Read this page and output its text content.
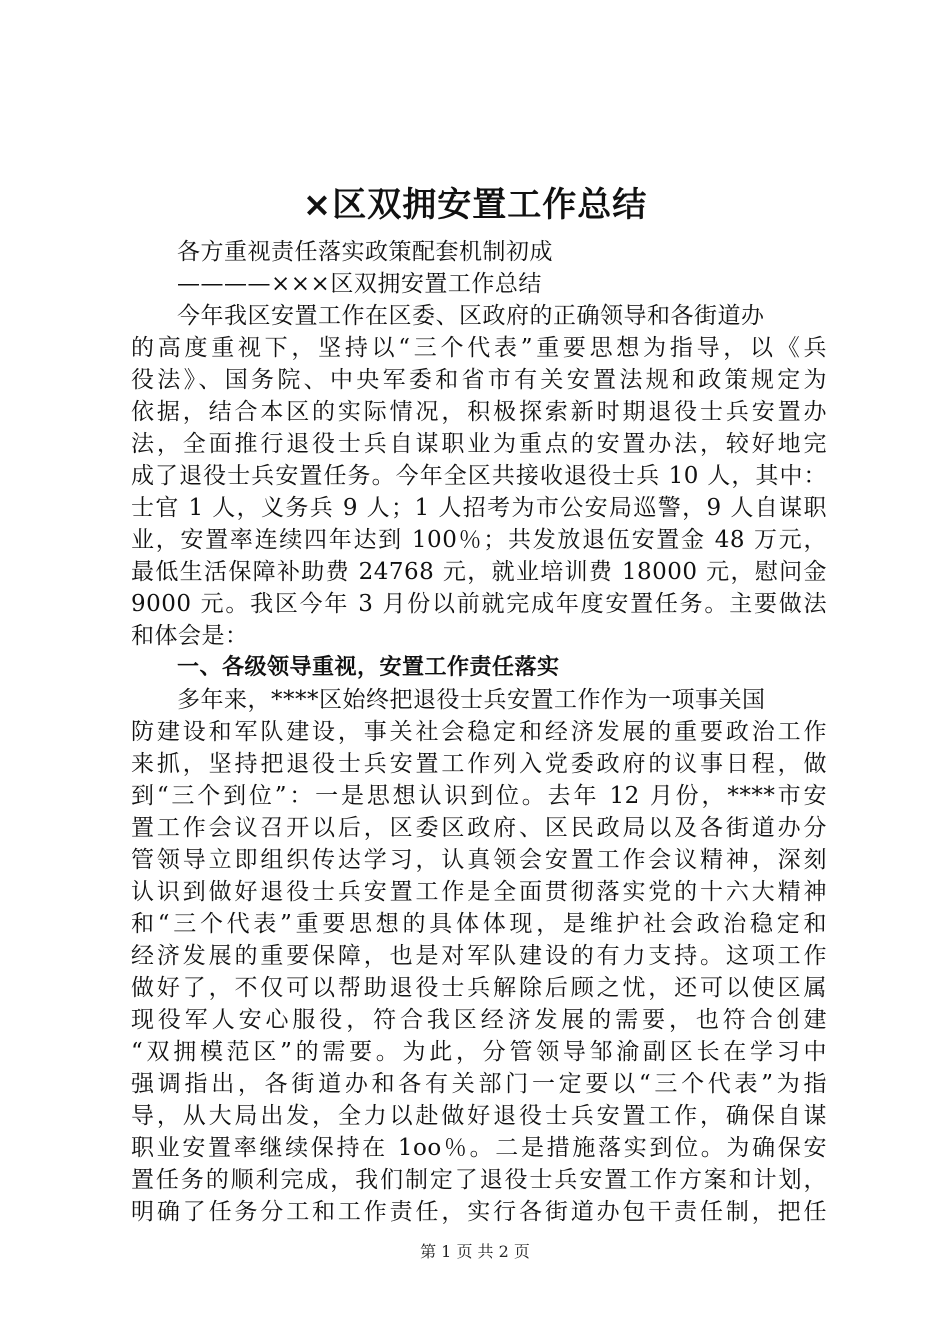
×区双拥安置工作总结
各方重视责任落实政策配套机制初成
————×××区双拥安置工作总结
今年我区安置工作在区委、区政府的正确领导和各街道办
的高度重视下，坚持以“三个代表”重要思想为指导，以《兵
役法》、国务院、中央军委和省市有关安置法规和政策规定为
依据，结合本区的实际情况，积极探索新时期退役士兵安置办
法，全面推行退役士兵自谋职业为重点的安置办法，较好地完
成了退役士兵安置任务。今年全区共接收退役士兵 10 人，其中：
士官 1 人，义务兵 9 人；1 人招考为市公安局巡警，9 人自谋职
业，安置率连续四年达到 100％；共发放退伍安置金 48 万元，
最低生活保障补助费 24768 元，就业培训费 18000 元，慰问金
9000 元。我区今年 3 月份以前就完成年度安置任务。主要做法
和体会是：
一、各级领导重视，安置工作责任落实
多年来，****区始终把退役士兵安置工作作为一项事关国
防建设和军队建设，事关社会稳定和经济发展的重要政治工作
来抓，坚持把退役士兵安置工作列入党委政府的议事日程，做
到“三个到位”：一是思想认识到位。去年 12 月份，****市安
置工作会议召开以后，区委区政府、区民政局以及各街道办分
管领导立即组织传达学习，认真领会安置工作会议精神，深刻
认识到做好退役士兵安置工作是全面贯彻落实党的十六大精神
和“三个代表”重要思想的具体体现，是维护社会政治稳定和
经济发展的重要保障，也是对军队建设的有力支持。这项工作
做好了，不仅可以帮助退役士兵解除后顾之忧，还可以使区属
现役军人安心服役，符合我区经济发展的需要，也符合创建
“双拥模范区”的需要。为此，分管领导邹渝副区长在学习中
强调指出，各街道办和各有关部门一定要以“三个代表”为指
导，从大局出发，全力以赴做好退役士兵安置工作，确保自谋
职业安置率继续保持在 1oo％。二是措施落实到位。为确保安
置任务的顺利完成，我们制定了退役士兵安置工作方案和计划，
明确了任务分工和工作责任，实行各街道办包干责任制，把任
第 1 页 共 2 页
